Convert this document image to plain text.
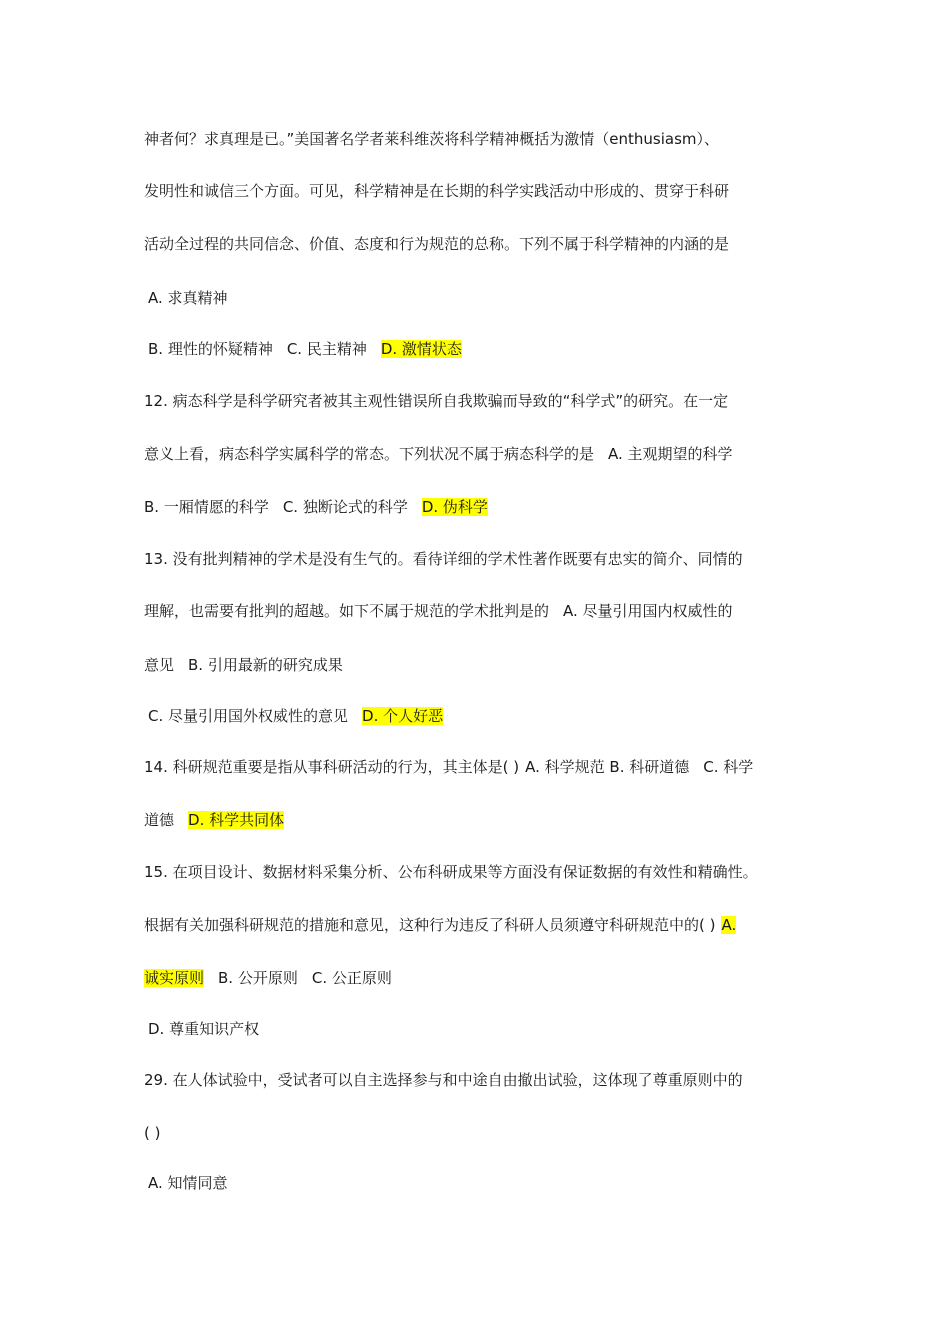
神者何？求真理是已。”美国著名学者莱科维茨将科学精神概括为激情（enthusiasm）、
发明性和诚信三个方面。可见，科学精神是在长期的科学实践活动中形成的、贯穿于科研
活动全过程的共同信念、价值、态度和行为规范的总称。下列不属于科学精神的内涵的是
A. 求真精神
B. 理性的怀疑精神 C. 民主精神 D. 激情状态
12. 病态科学是科学研究者被其主观性错误所自我欺骗而导致的“科学式”的研究。在一定
意义上看，病态科学实属科学的常态。下列状况不属于病态科学的是 A. 主观期望的科学
B. 一厢情愿的科学 C. 独断论式的科学 D. 伪科学
13. 没有批判精神的学术是没有生气的。看待详细的学术性著作既要有忠实的简介、同情的
理解，也需要有批判的超越。如下不属于规范的学术批判是的 A. 尽量引用国内权威性的
意见 B. 引用最新的研究成果
C. 尽量引用国外权威性的意见 D. 个人好恶
14. 科研规范重要是指从事科研活动的行为，其主体是( ) A. 科学规范 B. 科研道德 C. 科学
道德 D. 科学共同体
15. 在项目设计、数据材料采集分析、公布科研成果等方面没有保证数据的有效性和精确性。
根据有关加强科研规范的措施和意见，这种行为违反了科研人员须遵守科研规范中的( ) A.
诚实原则 B. 公开原则 C. 公正原则
D. 尊重知识产权
29. 在人体试验中，受试者可以自主选择参与和中途自由撤出试验，这体现了尊重原则中的
( )
A. 知情同意
